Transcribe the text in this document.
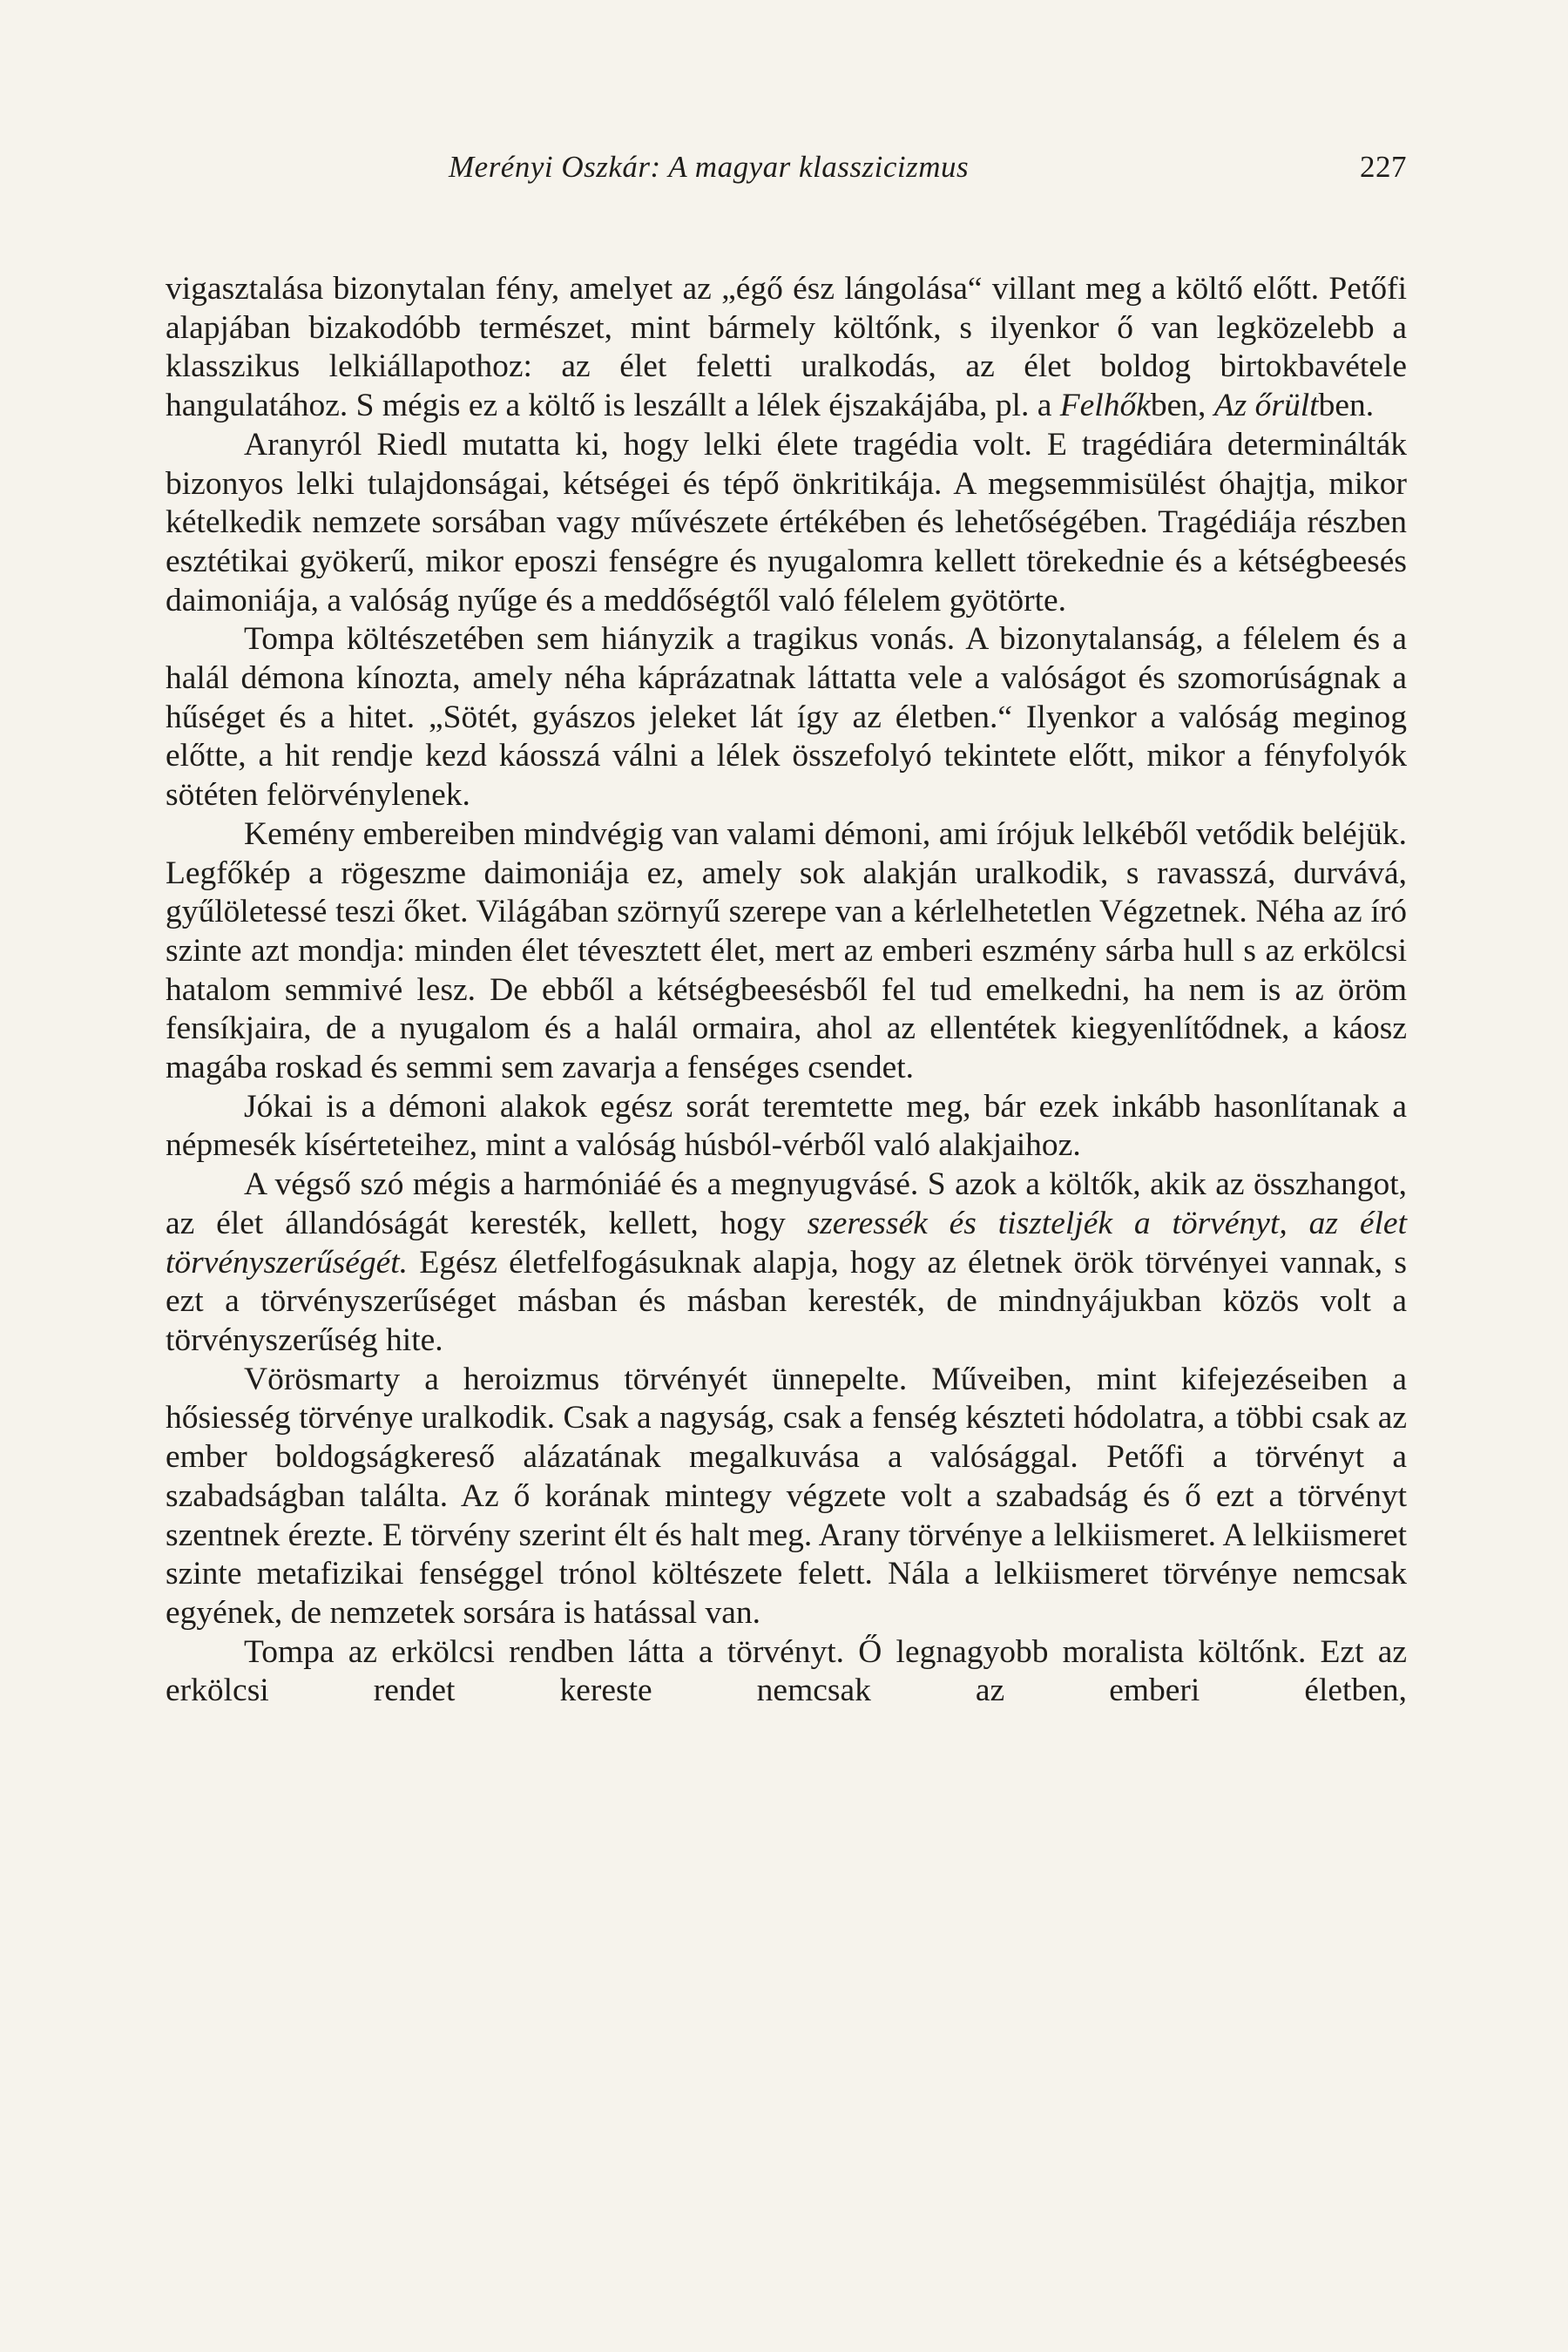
Merényi Oszkár: A magyar klasszicizmus	227

vigasztalása bizonytalan fény, amelyet az „égő ész lángolása“ villant meg a költő előtt. Petőfi alapjában bizakodóbb természet, mint bármely költőnk, s ilyenkor ő van legközelebb a klasszikus lelkiállapothoz: az élet feletti uralkodás, az élet boldog birtokbavétele hangulatához. S mégis ez a költő is leszállt a lélek éjszakájába, pl. a Felhőkben, Az őrültben.

Aranyról Riedl mutatta ki, hogy lelki élete tragédia volt. E tragédiára determinálták bizonyos lelki tulajdonságai, kétségei és tépő önkritikája. A megsemmisülést óhajtja, mikor kételkedik nemzete sorsában vagy művészete értékében és lehetőségében. Tragédiája részben esztétikai gyökerű, mikor eposzi fenségre és nyugalomra kellett törekednie és a kétségbeesés daimoniája, a valóság nyűge és a meddőségtől való félelem gyötörte.

Tompa költészetében sem hiányzik a tragikus vonás. A bizonytalanság, a félelem és a halál démona kínozta, amely néha káprázatnak láttatta vele a valóságot és szomorúságnak a hűséget és a hitet. „Sötét, gyászos jeleket lát így az életben.“ Ilyenkor a valóság meginog előtte, a hit rendje kezd káosszá válni a lélek összefolyó tekintete előtt, mikor a fényfolyók sötéten felörvénylenek.

Kemény embereiben mindvégig van valami démoni, ami írójuk lelkéből vetődik beléjük. Legfőkép a rögeszme daimoniája ez, amely sok alakján uralkodik, s ravasszá, durvává, gyűlöletessé teszi őket. Világában szörnyű szerepe van a kérlelhetetlen Végzetnek. Néha az író szinte azt mondja: minden élet tévesztett élet, mert az emberi eszmény sárba hull s az erkölcsi hatalom semmivé lesz. De ebből a kétségbeesésből fel tud emelkedni, ha nem is az öröm fensíkjaira, de a nyugalom és a halál ormaira, ahol az ellentétek kiegyenlítődnek, a káosz magába roskad és semmi sem zavarja a fenséges csendet.

Jókai is a démoni alakok egész sorát teremtette meg, bár ezek inkább hasonlítanak a népmesék kísérteteihez, mint a valóság húsból-vérből való alakjaihoz.

A végső szó mégis a harmóniáé és a megnyugvásé. S azok a költők, akik az összhangot, az élet állandóságát keresték, kellett, hogy szeressék és tiszteljék a törvényt, az élet törvényszerűségét. Egész életfelfogásuknak alapja, hogy az életnek örök törvényei vannak, s ezt a törvényszerűséget másban és másban keresték, de mindnyájukban közös volt a törvényszerűség hite.

Vörösmarty a heroizmus törvényét ünnepelte. Műveiben, mint kifejezéseiben a hősiesség törvénye uralkodik. Csak a nagyság, csak a fenség készteti hódolatra, a többi csak az ember boldogságkereső alázatának megalkuvása a valósággal. Petőfi a törvényt a szabadságban találta. Az ő korának mintegy végzete volt a szabadság és ő ezt a törvényt szentnek érezte. E törvény szerint élt és halt meg. Arany törvénye a lelkiismeret. A lelkiismeret szinte metafizikai fenséggel trónol költészete felett. Nála a lelkiismeret törvénye nemcsak egyének, de nemzetek sorsára is hatással van.

Tompa az erkölcsi rendben látta a törvényt. Ő legnagyobb moralista költőnk. Ezt az erkölcsi rendet kereste nemcsak az emberi életben,
